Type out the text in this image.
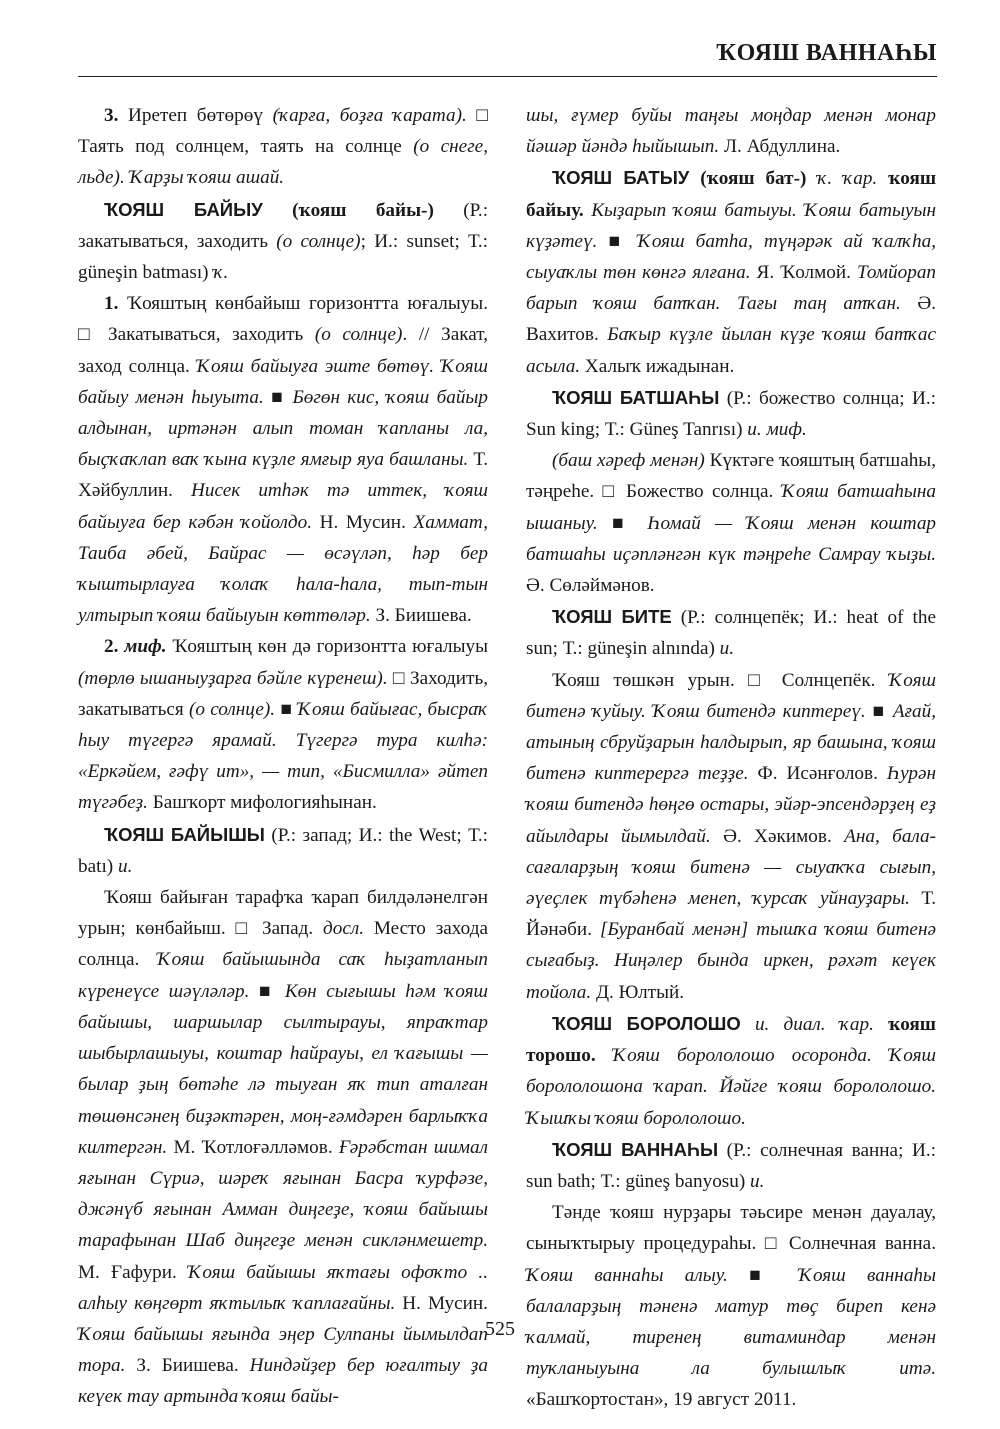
ҠОЯШ ВАННАҺЫ

3. Иретеп бөтөрөү (ҡарға, боҙға ҡарата). □ Таять под солнцем, таять на солнце (о снеге, льде). Ҡарҙы ҡояш ашай.

ҠОЯШ БАЙЫУ (ҡояш байы-) (Р.: закатываться, заходить (о солнце); И.: sunset; Т.: güneşin batması) ҡ.

1. Ҡояштың көнбайыш горизонтта юғалыуы. □ Закатываться, заходить (о солнце). // Закат, заход солнца. Ҡояш байыуға эште бөтөү. Ҡояш байыу менән һыуыта. ■ Бөгөн кис, ҡояш байыр алдынан, иртәнән алып томан ҡапланы ла, быҫҡаҡлап ваҡ ҡына күҙле ямғыр яуа башланы. Т. Хәйбуллин. Нисек итһәк тә иттек, ҡояш байыуға бер кәбән ҡойолдо. Н. Мусин. Хаммат, Таиба әбей, Байрас — өсәүләп, һәр бер ҡыштырлауға ҡолаҡ һала-һала, тып-тын ултырып ҡояш байыуын көттөләр. З. Биишева.

2. миф. Ҡояштың көн дә горизонтта юғалыуы (төрлө ышаныуҙарға бәйле күренеш). □ Заходить, закатываться (о солнце). ■ Ҡояш байығас, бысраҡ һыу түгергә ярамай. Түгергә тура килһә: «Еркәйем, ғәфү ит», — тип, «Бисмилла» әйтеп түгәбеҙ. Башҡорт мифологияһынан.

ҠОЯШ БАЙЫШЫ (Р.: запад; И.: the West; Т.: batı) и.

Ҡояш байыған тарафҡа ҡарап билдәләнелгән урын; көнбайыш. □ Запад. досл. Место захода солнца. Ҡояш байышында саҡ һыҙатланып күренеүсе шәүләләр. ■ Көн сығышы һәм ҡояш байышы, шаршылар сылтырауы, япраҡтар шыбырлашыуы, коштар һайрауы, ел ҡағышы — былар ҙың бөтәһе лә тыуған яҡ тип аталған төшөнсәнең биҙәктәрен, моң-ғәмдәрен барлыҡҡа килтергән. М. Ҡотлоғәлләмов. Ғәрәбстан шимал яғынан Сүриә, шәреҡ яғынан Басра ҡурфәзе, джәнүб яғынан Амман диңгеҙе, ҡояш байышы тарафынан Шаб диңгеҙе менән сикләнмешетр. М. Ғафури. Ҡояш байышы яҡтағы офоҡто .. алһыу көңгөрт яҡтылыҡ ҡаплағайны. Н. Мусин. Ҡояш байышы яғында эңер Сулпаны йымылдап тора. З. Биишева. Ниндәйҙер бер юғалтыу ҙа кеүек тау артында ҡояш байы-

шы, ғүмер буйы таңғы моңдар менән монар йәшәр йәндә һыйышып. Л. Абдуллина.

ҠОЯШ БАТЫУ (ҡояш бат-) ҡ. ҡар. ҡояш байыу. Кыҙарып ҡояш батыуы. Ҡояш батыуын күҙәтеү. ■ Ҡояш батһа, түңәрәк ай ҡалҡһа, сыуаҡлы төн көнгә ялғана. Я. Ҡолмой. Томйорап барып ҡояш батҡан. Тағы таң атҡан. Ә. Вахитов. Баҡыр күҙле йылан күҙе ҡояш батҡас асыла. Халыҡ ижадынан.

ҠОЯШ БАТШАҺЫ (Р.: божество солнца; И.: Sun king; Т.: Güneş Tanrısı) и. миф.

(баш хәреф менән) Күктәге ҡояштың батшаһы, тәңреһе. □ Божество солнца. Ҡояш батшаһына ышаныу. ■ Һомай — Ҡояш менән коштар батшаһы иҫәпләнгән күк тәңреһе Самрау ҡыҙы. Ә. Сөләймәнов.

ҠОЯШ БИТЕ (Р.: солнцепёк; И.: heat of the sun; Т.: güneşin alnında) и.

Ҡояш төшкән урын. □ Солнцепёк. Ҡояш битенә ҡуйыу. Ҡояш битендә киптереү. ■ Ағай, атының сбруйҙарын һалдырып, яр башына, ҡояш битенә киптерергә теҙҙе. Ф. Исәнғолов. Һурән ҡояш битендә һөңгө остары, эйәр-эпсендәрҙең еҙ айылдары йымылдай. Ә. Хәкимов. Ана, бала-сағаларҙың ҡояш битенә — сыуаҡҡа сығып, әүеҫлек түбәһенә менеп, ҡурсаҡ уйнауҙары. Т. Йәнәби. [Буранбай менән] тышҡа ҡояш битенә сығабыҙ. Ниңәлер бында иркен, рәхәт кеүек тойола. Д. Юлтый.

ҠОЯШ БОРОЛОШО и. диал. ҡар. ҡояш торошо. Ҡояш борололошо осоронда. Ҡояш борололошона ҡарап. Йәйге ҡояш борололошо. Ҡышҡы ҡояш борололошо.

ҠОЯШ ВАННАҺЫ (Р.: солнечная ванна; И.: sun bath; Т.: güneş banyosu) и.

Тәнде ҡояш нурҙары тәьсире менән дауалау, сыныҡтырыу процедураһы. □ Солнечная ванна. Ҡояш ваннаһы алыу. ■ Ҡояш ваннаһы балаларҙың тәненә матур төҫ биреп кенә ҡалмай, тиренең витаминдар менән туҡланыуына ла булышлыҡ итә. «Башҡортостан», 19 август 2011.

525
